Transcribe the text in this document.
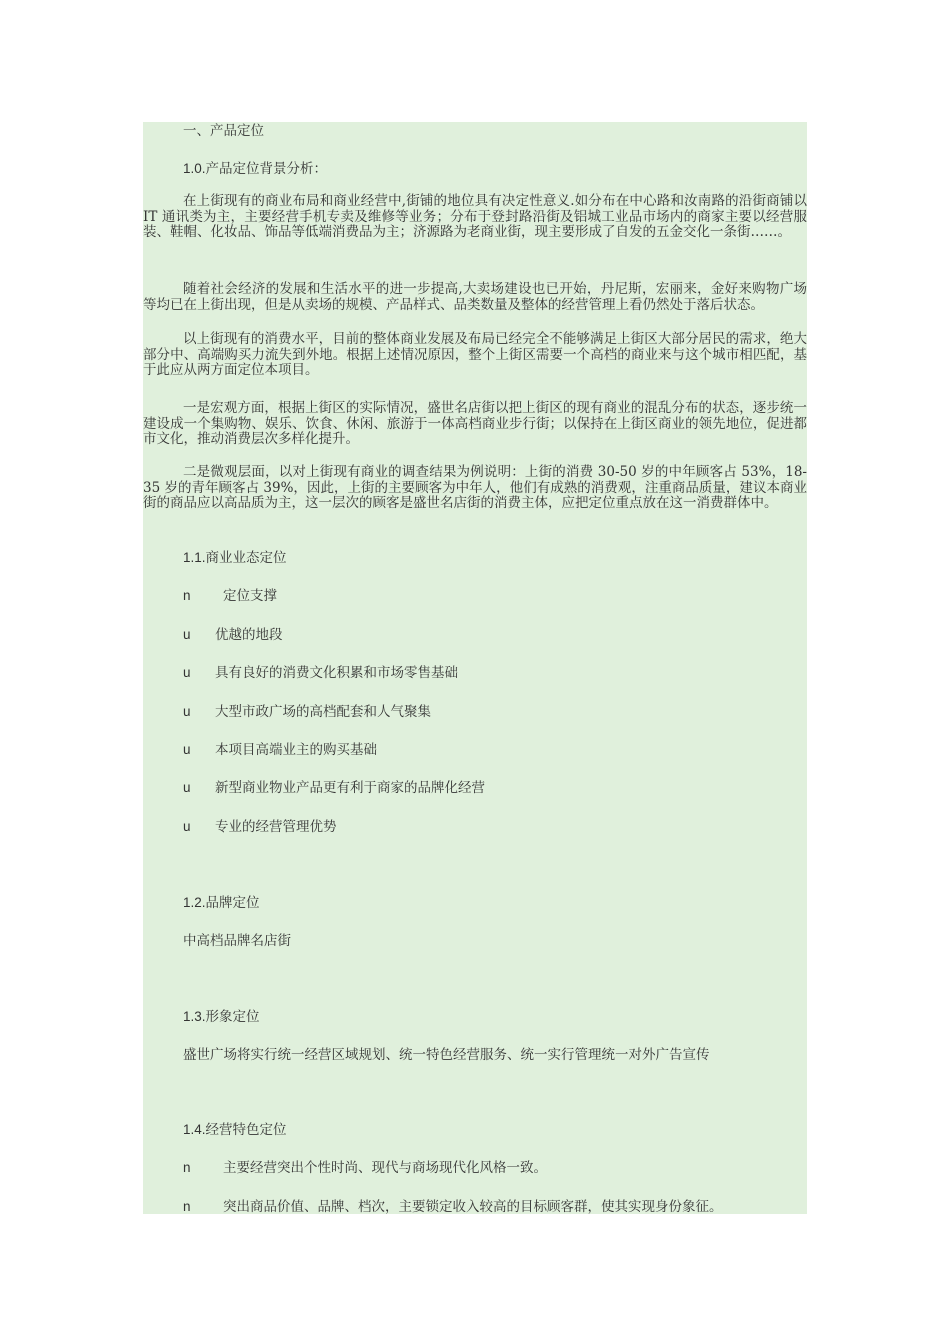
一、产品定位
1.0.产品定位背景分析：
在上街现有的商业布局和商业经营中,街铺的地位具有决定性意义.如分布在中心路和汝南路的沿街商铺以 IT 通讯类为主，主要经营手机专卖及维修等业务；分布于登封路沿街及铝城工业品市场内的商家主要以经营服装、鞋帽、化妆品、饰品等低端消费品为主；济源路为老商业街，现主要形成了自发的五金交化一条街……。
随着社会经济的发展和生活水平的进一步提高,大卖场建设也已开始，丹尼斯，宏丽来，金好来购物广场等均已在上街出现，但是从卖场的规模、产品样式、品类数量及整体的经营管理上看仍然处于落后状态。
以上街现有的消费水平，目前的整体商业发展及布局已经完全不能够满足上街区大部分居民的需求，绝大部分中、高端购买力流失到外地。根据上述情况原因，整个上街区需要一个高档的商业来与这个城市相匹配，基于此应从两方面定位本项目。
一是宏观方面，根据上街区的实际情况，盛世名店街以把上街区的现有商业的混乱分布的状态，逐步统一建设成一个集购物、娱乐、饮食、休闲、旅游于一体高档商业步行街；以保持在上街区商业的领先地位，促进都市文化，推动消费层次多样化提升。
二是微观层面，以对上街现有商业的调查结果为例说明：上街的消费 30-50 岁的中年顾客占 53%，18-35 岁的青年顾客占 39%，因此，上街的主要顾客为中年人，他们有成熟的消费观，注重商品质量，建议本商业街的商品应以高品质为主，这一层次的顾客是盛世名店街的消费主体，应把定位重点放在这一消费群体中。
1.1.商业业态定位
n 定位支撑
u 优越的地段
u 具有良好的消费文化积累和市场零售基础
u 大型市政广场的高档配套和人气聚集
u 本项目高端业主的购买基础
u 新型商业物业产品更有利于商家的品牌化经营
u 专业的经营管理优势
1.2.品牌定位
中高档品牌名店街
1.3.形象定位
盛世广场将实行统一经营区域规划、统一特色经营服务、统一实行管理统一对外广告宣传
1.4.经营特色定位
n 主要经营突出个性时尚、现代与商场现代化风格一致。
n 突出商品价值、品牌、档次，主要锁定收入较高的目标顾客群，使其实现身份象征。
